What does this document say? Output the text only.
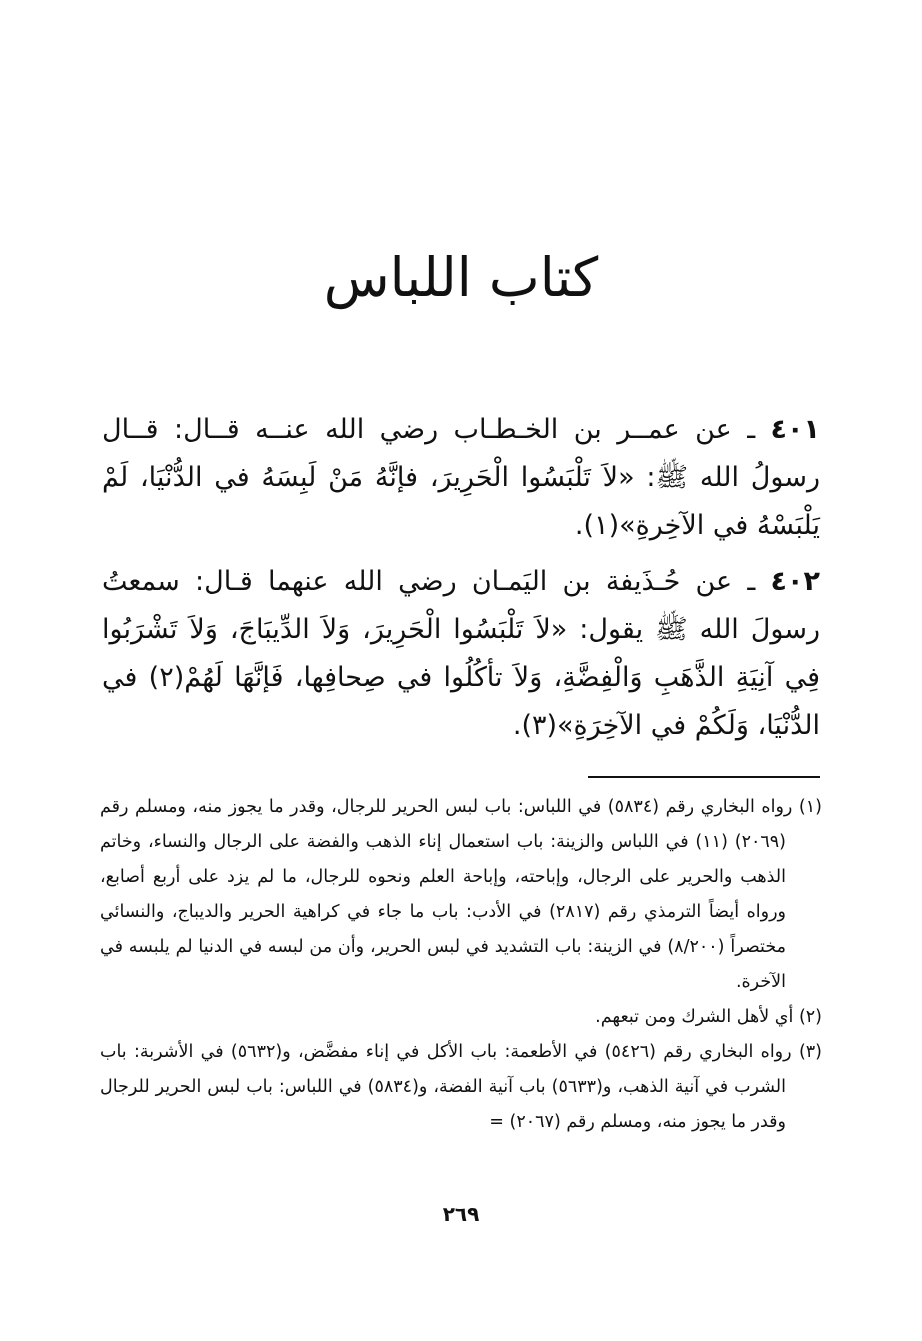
كتاب اللباس

٤٠١ ـ عن عمــر بن الخـطـاب رضي الله عنــه قــال: قــال رسولُ الله ﷺ: «لاَ تَلْبَسُوا الْحَرِيرَ، فإنَّهُ مَنْ لَبِسَهُ في الدُّنْيَا، لَمْ يَلْبَسْهُ في الآخِرةِ»(١).

٤٠٢ ـ عن حُـذَيفة بن اليَمـان رضي الله عنهما قـال: سمعتُ رسولَ الله ﷺ يقول: «لاَ تَلْبَسُوا الْحَرِيرَ، وَلاَ الدِّيبَاجَ، وَلاَ تَشْرَبُوا فِي آنِيَةِ الذَّهَبِ وَالْفِضَّةِ، وَلاَ تأكُلُوا في صِحافِها، فَإنَّهَا لَهُمْ(٢) في الدُّنْيَا، وَلَكُمْ في الآخِرَةِ»(٣).

(١) رواه البخاري رقم (٥٨٣٤) في اللباس: باب لبس الحرير للرجال، وقدر ما يجوز منه، ومسلم رقم (٢٠٦٩) (١١) في اللباس والزينة: باب استعمال إناء الذهب والفضة على الرجال والنساء، وخاتم الذهب والحرير على الرجال، وإباحته، وإباحة العلم ونحوه للرجال، ما لم يزد على أربع أصابع، ورواه أيضاً الترمذي رقم (٢٨١٧) في الأدب: باب ما جاء في كراهية الحرير والديباج، والنسائي مختصراً (٨/٢٠٠) في الزينة: باب التشديد في لبس الحرير، وأن من لبسه في الدنيا لم يلبسه في الآخرة.

(٢) أي لأهل الشرك ومن تبعهم.

(٣) رواه البخاري رقم (٥٤٢٦) في الأطعمة: باب الأكل في إناء مفضَّض، و(٥٦٣٢) في الأشربة: باب الشرب في آنية الذهب، و(٥٦٣٣) باب آنية الفضة، و(٥٨٣٤) في اللباس: باب لبس الحرير للرجال وقدر ما يجوز منه، ومسلم رقم (٢٠٦٧) =

٢٦٩
